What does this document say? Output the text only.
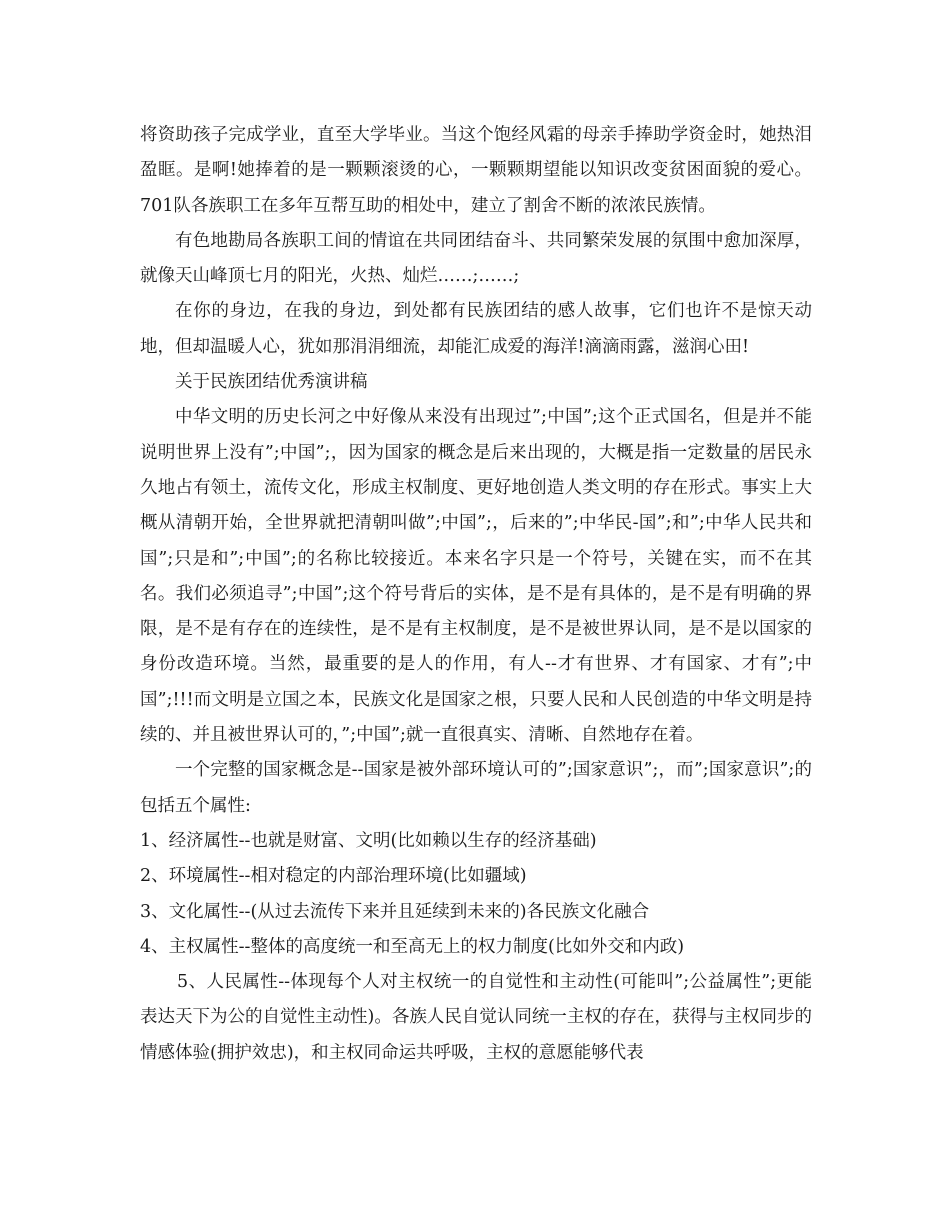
将资助孩子完成学业，直至大学毕业。当这个饱经风霜的母亲手捧助学资金时，她热泪盈眶。是啊!她捧着的是一颗颗滚烫的心，一颗颗期望能以知识改变贫困面貌的爱心。701队各族职工在多年互帮互助的相处中，建立了割舍不断的浓浓民族情。

有色地勘局各族职工间的情谊在共同团结奋斗、共同繁荣发展的氛围中愈加深厚，就像天山峰顶七月的阳光，火热、灿烂……;……;

在你的身边，在我的身边，到处都有民族团结的感人故事，它们也许不是惊天动地，但却温暖人心，犹如那涓涓细流，却能汇成爱的海洋!滴滴雨露，滋润心田!

关于民族团结优秀演讲稿

中华文明的历史长河之中好像从来没有出现过”;中国”;这个正式国名，但是并不能说明世界上没有”;中国”;，因为国家的概念是后来出现的，大概是指一定数量的居民永久地占有领土，流传文化，形成主权制度、更好地创造人类文明的存在形式。事实上大概从清朝开始，全世界就把清朝叫做”;中国”;，后来的”;中华民-国”;和”;中华人民共和国”;只是和”;中国”;的名称比较接近。本来名字只是一个符号，关键在实，而不在其名。我们必须追寻”;中国”;这个符号背后的实体，是不是有具体的，是不是有明确的界限，是不是有存在的连续性，是不是有主权制度，是不是被世界认同，是不是以国家的身份改造环境。当然，最重要的是人的作用，有人--才有世界、才有国家、才有”;中国”;!!!而文明是立国之本，民族文化是国家之根，只要人民和人民创造的中华文明是持续的、并且被世界认可的，”;中国”;就一直很真实、清晰、自然地存在着。

一个完整的国家概念是--国家是被外部环境认可的”;国家意识”;，而”;国家意识”;的包括五个属性:

1、经济属性--也就是财富、文明(比如赖以生存的经济基础)

2、环境属性--相对稳定的内部治理环境(比如疆域)

3、文化属性--(从过去流传下来并且延续到未来的)各民族文化融合

4、主权属性--整体的高度统一和至高无上的权力制度(比如外交和内政)

5、人民属性--体现每个人对主权统一的自觉性和主动性(可能叫”;公益属性”;更能表达天下为公的自觉性主动性)。各族人民自觉认同统一主权的存在，获得与主权同步的情感体验(拥护效忠)，和主权同命运共呼吸，主权的意愿能够代表
